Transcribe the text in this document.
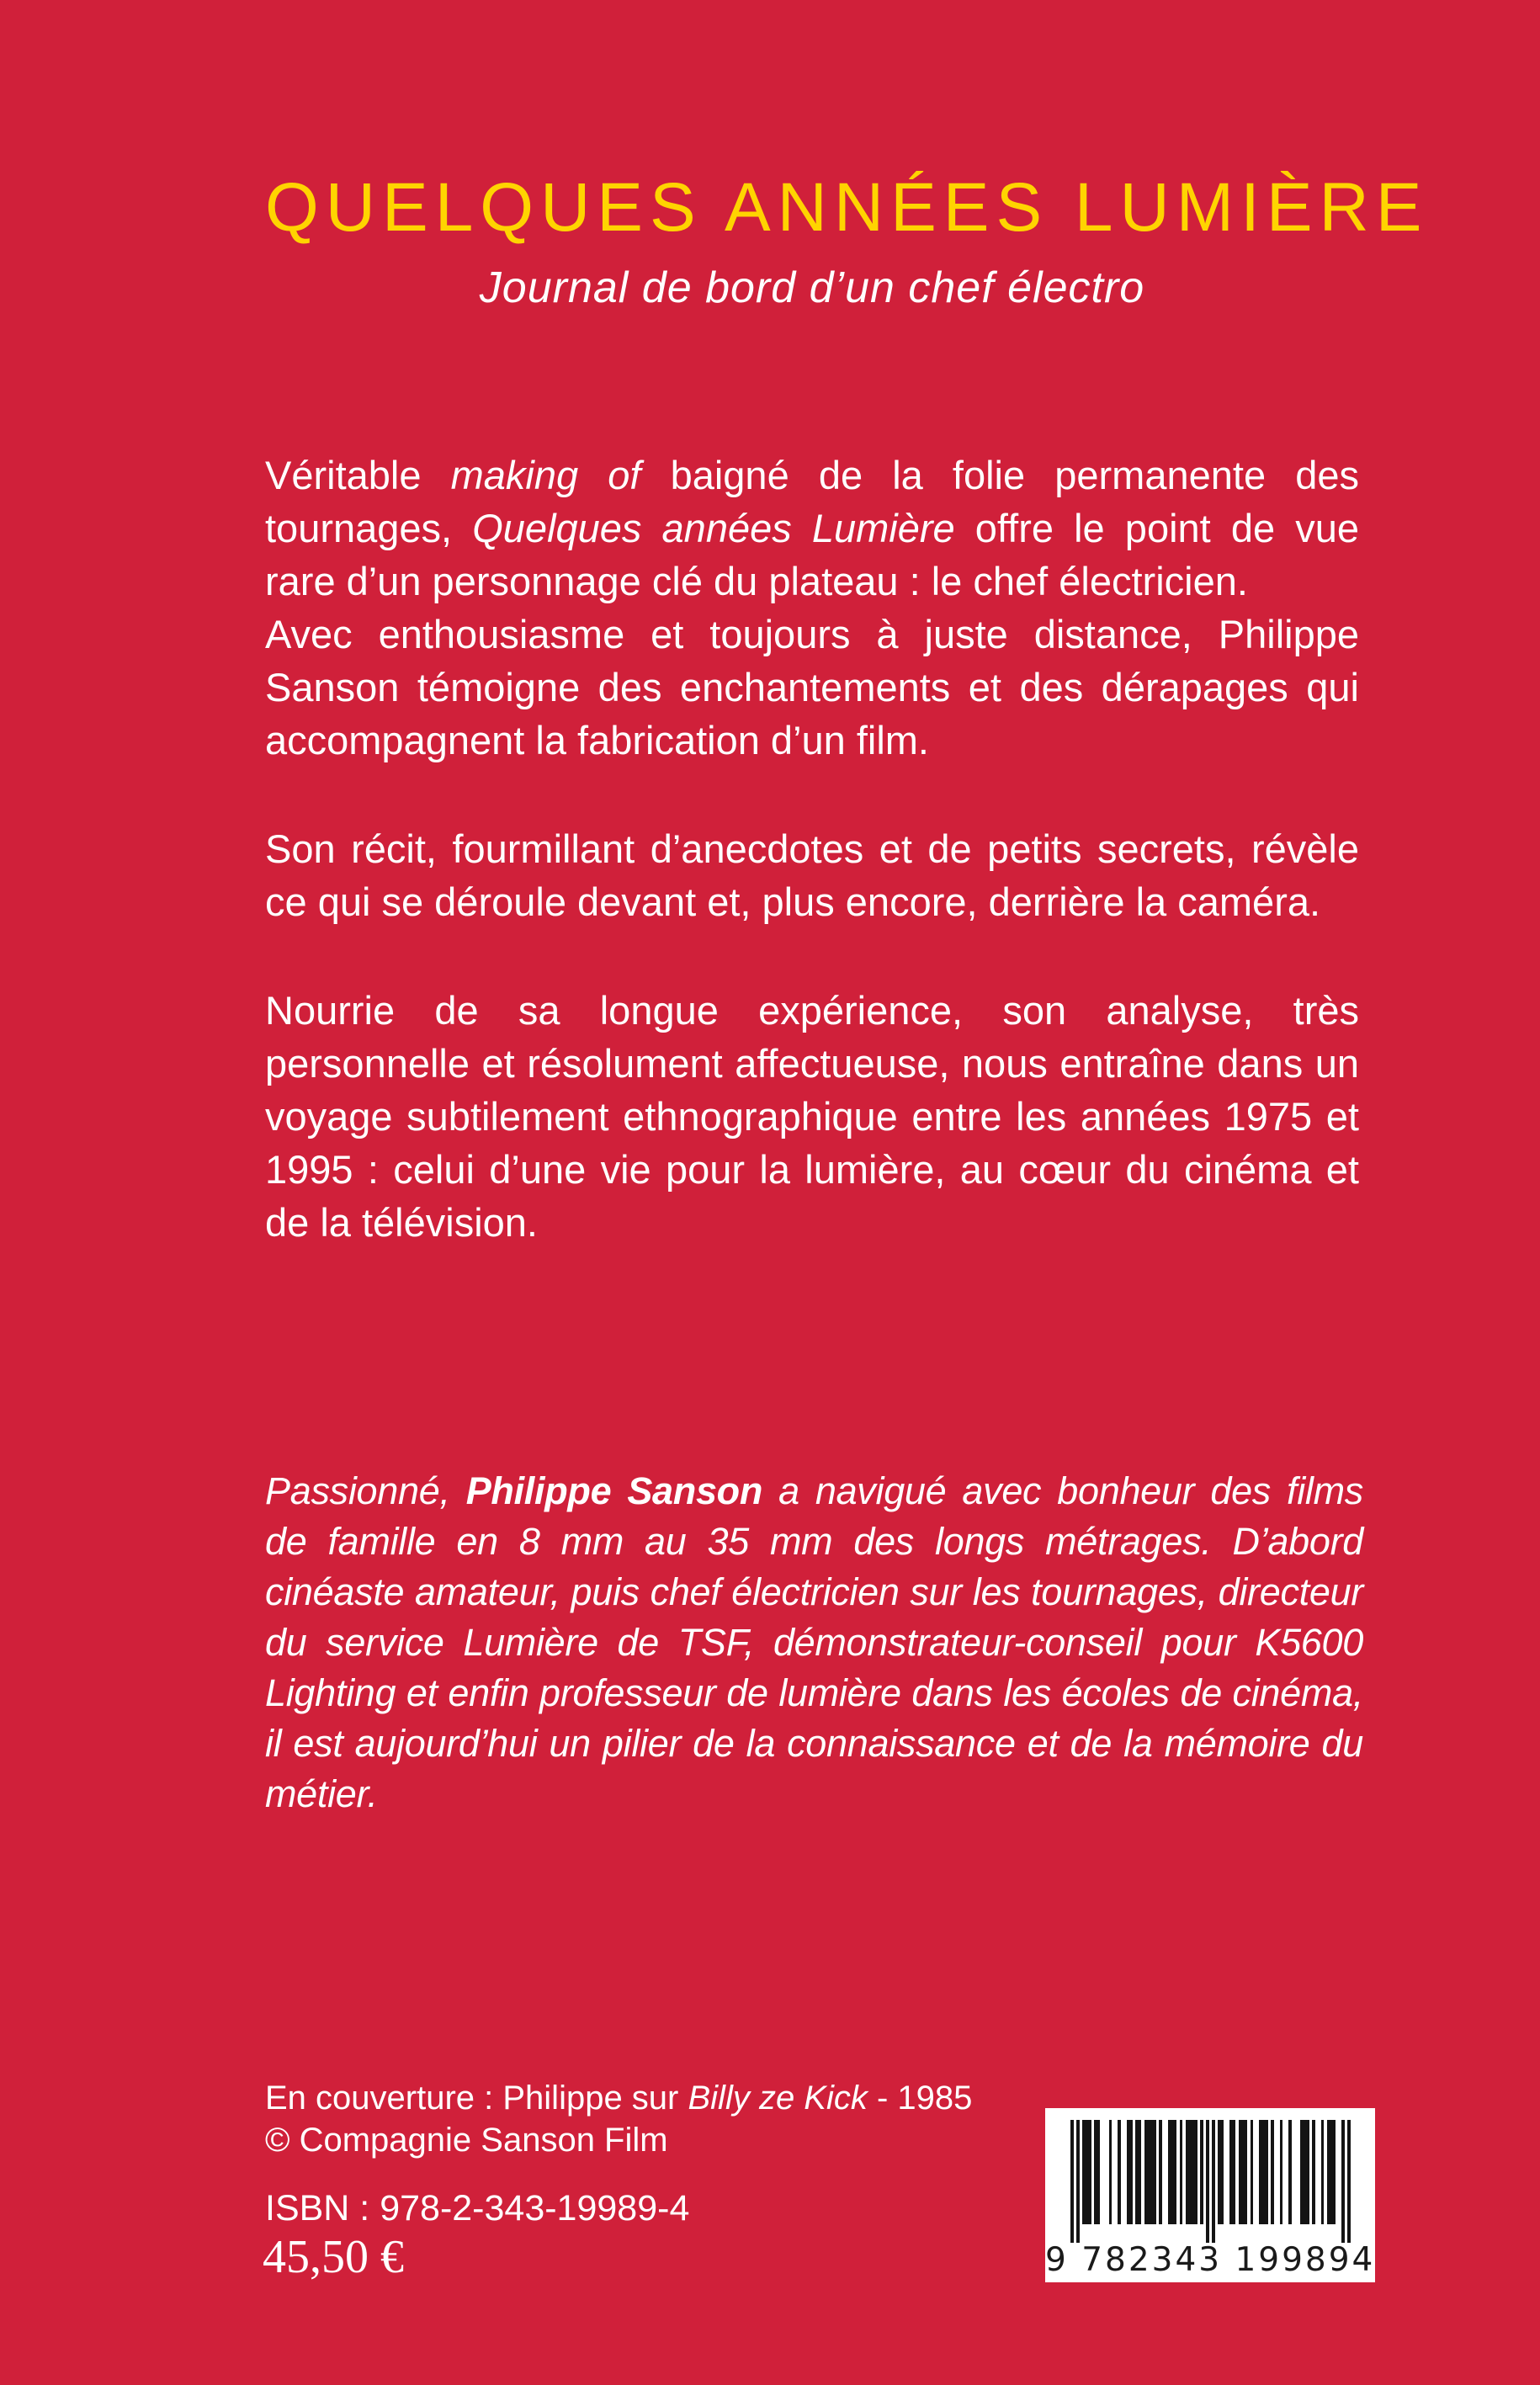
QUELQUES ANNÉES LUMIÈRE
Journal de bord d’un chef électro

Véritable making of baigné de la folie permanente des tournages, Quelques années Lumière offre le point de vue rare d’un personnage clé du plateau : le chef électricien.

Avec enthousiasme et toujours à juste distance, Philippe Sanson témoigne des enchantements et des dérapages qui accompagnent la fabrication d’un film.

Son récit, fourmillant d’anecdotes et de petits secrets, révèle ce qui se déroule devant et, plus encore, derrière la caméra.

Nourrie de sa longue expérience, son analyse, très personnelle et résolument affectueuse, nous entraîne dans un voyage subtilement ethnographique entre les années 1975 et 1995 : celui d’une vie pour la lumière, au cœur du cinéma et de la télévision.

Passionné, Philippe Sanson a navigué avec bonheur des films de famille en 8 mm au 35 mm des longs métrages. D’abord cinéaste amateur, puis chef électricien sur les tournages, directeur du service Lumière de TSF, démonstrateur-conseil pour K5600 Lighting et enfin professeur de lumière dans les écoles de cinéma, il est aujourd’hui un pilier de la connaissance et de la mémoire du métier.
En couverture : Philippe sur Billy ze Kick - 1985
© Compagnie Sanson Film
ISBN : 978-2-343-19989-4
45,50 €	9 782343 199894
